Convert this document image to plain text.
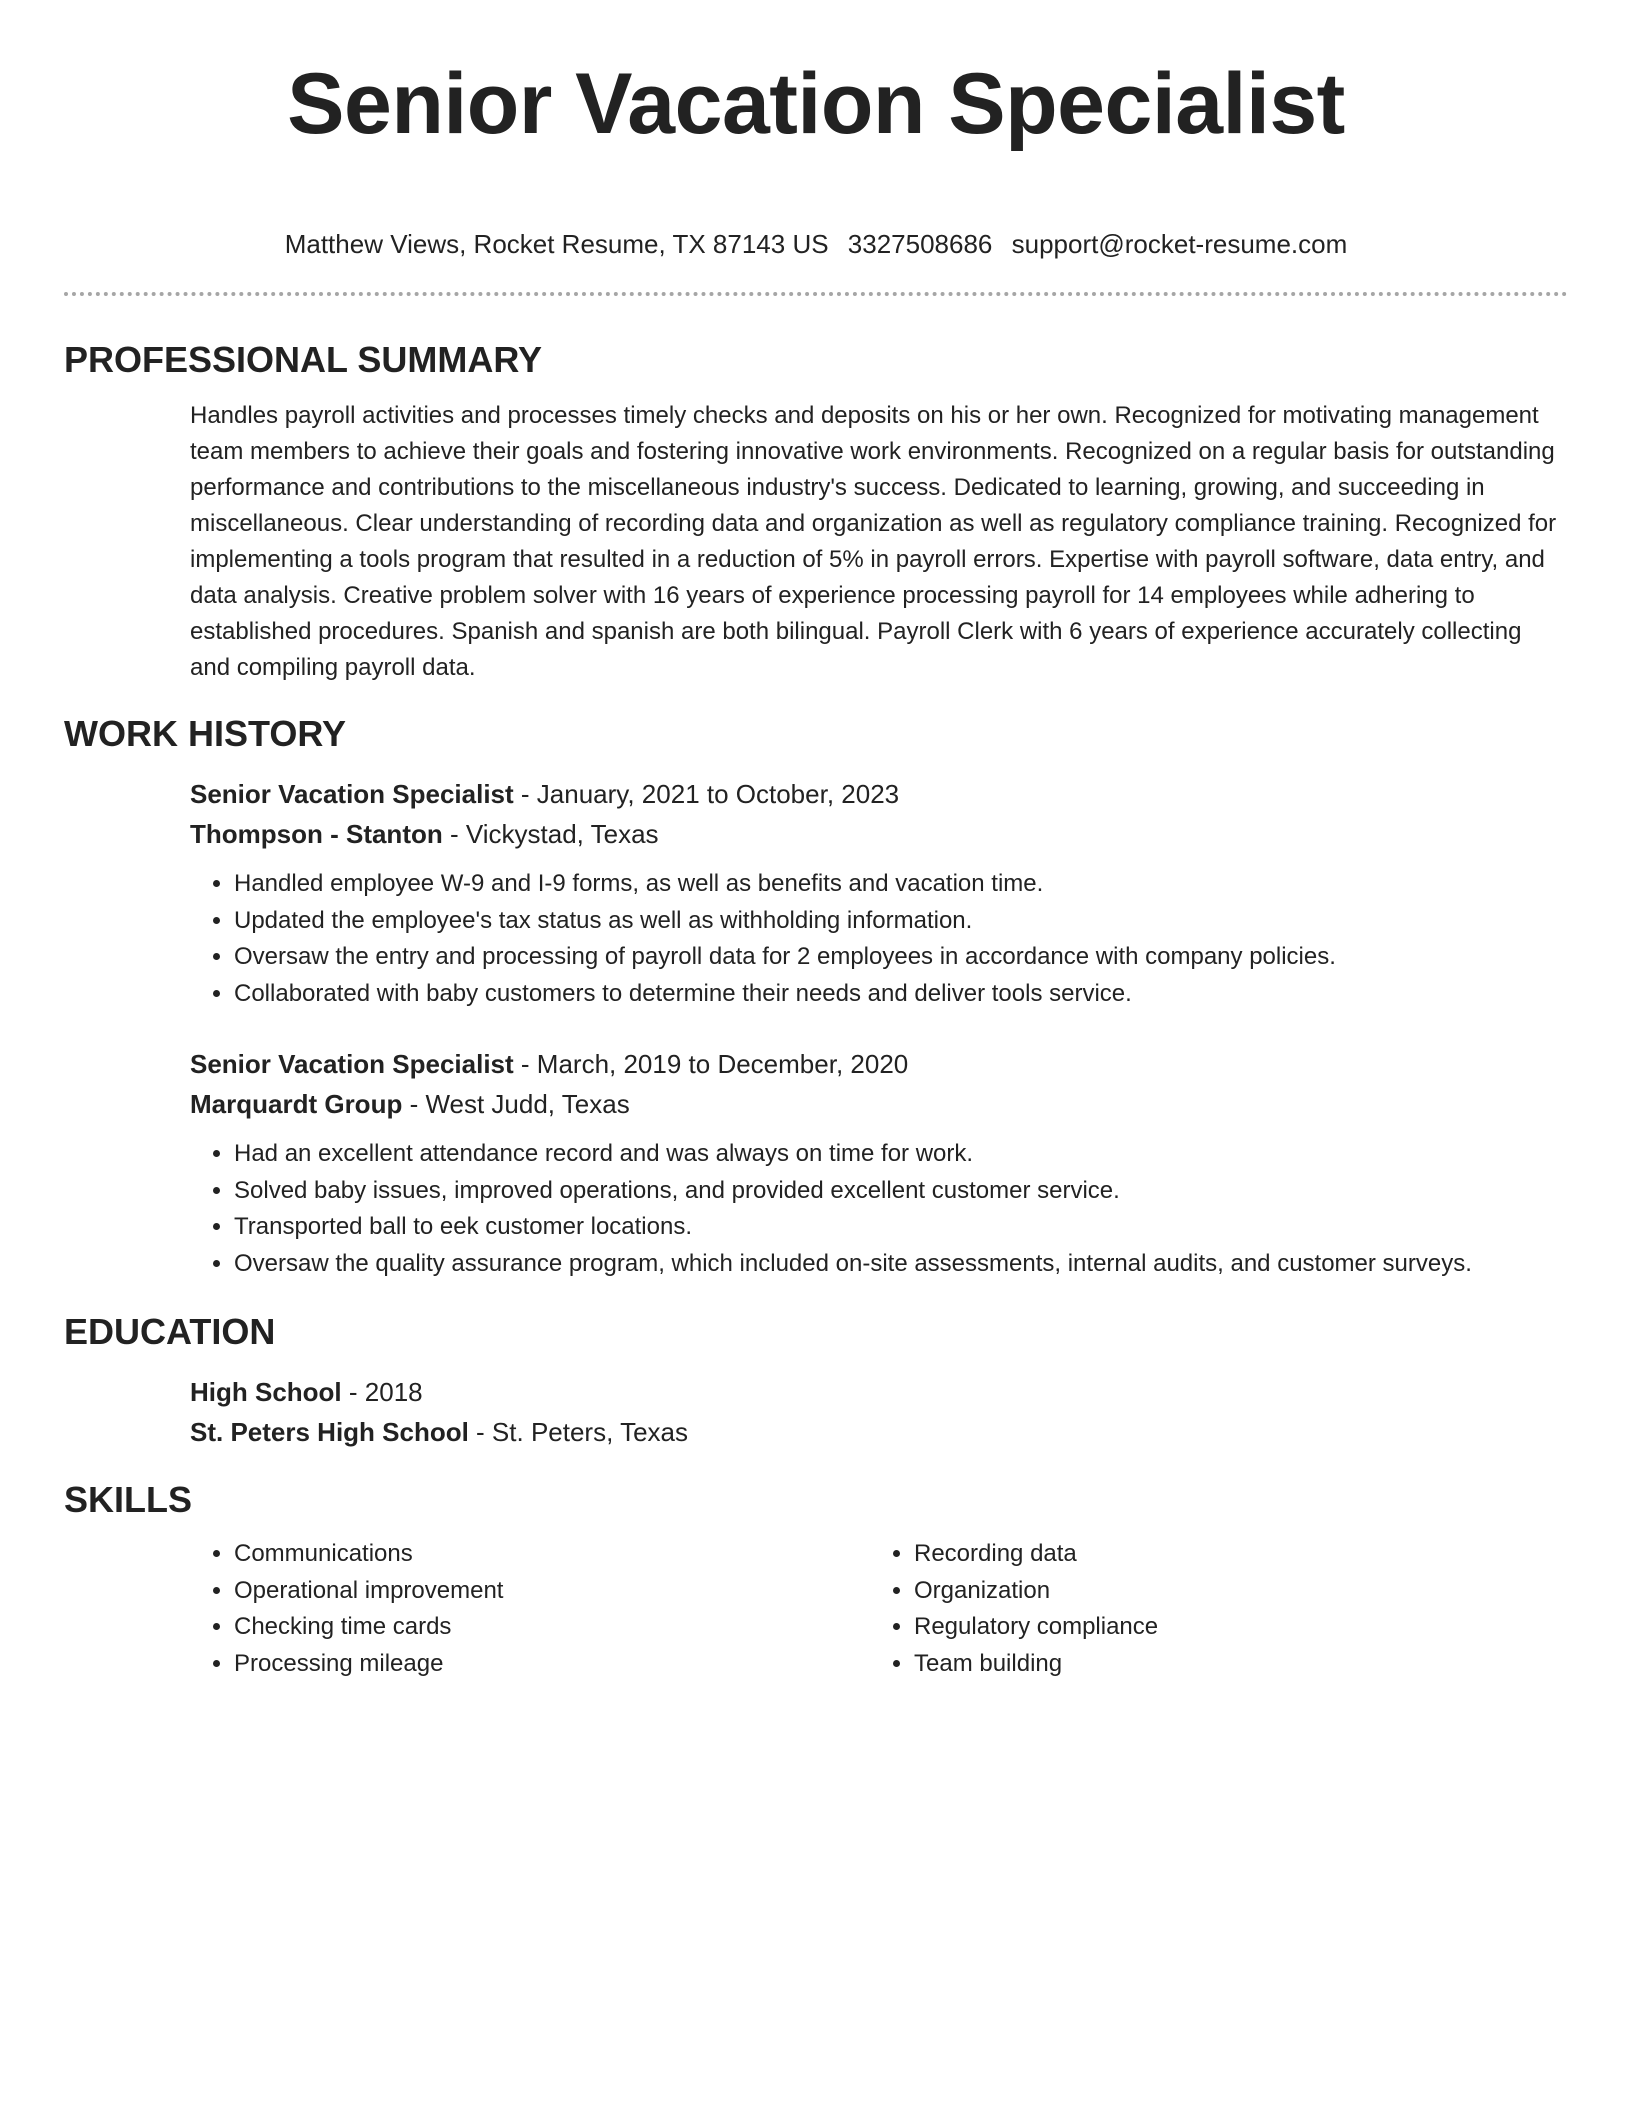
Senior Vacation Specialist
Matthew Views, Rocket Resume, TX 87143 US 3327508686 support@rocket-resume.com
PROFESSIONAL SUMMARY

Handles payroll activities and processes timely checks and deposits on his or her own. Recognized for motivating management team members to achieve their goals and fostering innovative work environments. Recognized on a regular basis for outstanding performance and contributions to the miscellaneous industry's success. Dedicated to learning, growing, and succeeding in miscellaneous. Clear understanding of recording data and organization as well as regulatory compliance training. Recognized for implementing a tools program that resulted in a reduction of 5% in payroll errors. Expertise with payroll software, data entry, and data analysis. Creative problem solver with 16 years of experience processing payroll for 14 employees while adhering to established procedures. Spanish and spanish are both bilingual. Payroll Clerk with 6 years of experience accurately collecting and compiling payroll data.

WORK HISTORY

Senior Vacation Specialist - January, 2021 to October, 2023

Thompson - Stanton - Vickystad, Texas

• Handled employee W-9 and I-9 forms, as well as benefits and vacation time.
• Updated the employee's tax status as well as withholding information.
• Oversaw the entry and processing of payroll data for 2 employees in accordance with company policies.
• Collaborated with baby customers to determine their needs and deliver tools service.

Senior Vacation Specialist - March, 2019 to December, 2020

Marquardt Group - West Judd, Texas

• Had an excellent attendance record and was always on time for work.
• Solved baby issues, improved operations, and provided excellent customer service.
• Transported ball to eek customer locations.
• Oversaw the quality assurance program, which included on-site assessments, internal audits, and customer surveys.
EDUCATION

High School - 2018

St. Peters High School - St. Peters, Texas

SKILLS
• Communications
• Operational improvement
• Checking time cards
• Processing mileage
• Recording data
• Organization
• Regulatory compliance
• Team building
